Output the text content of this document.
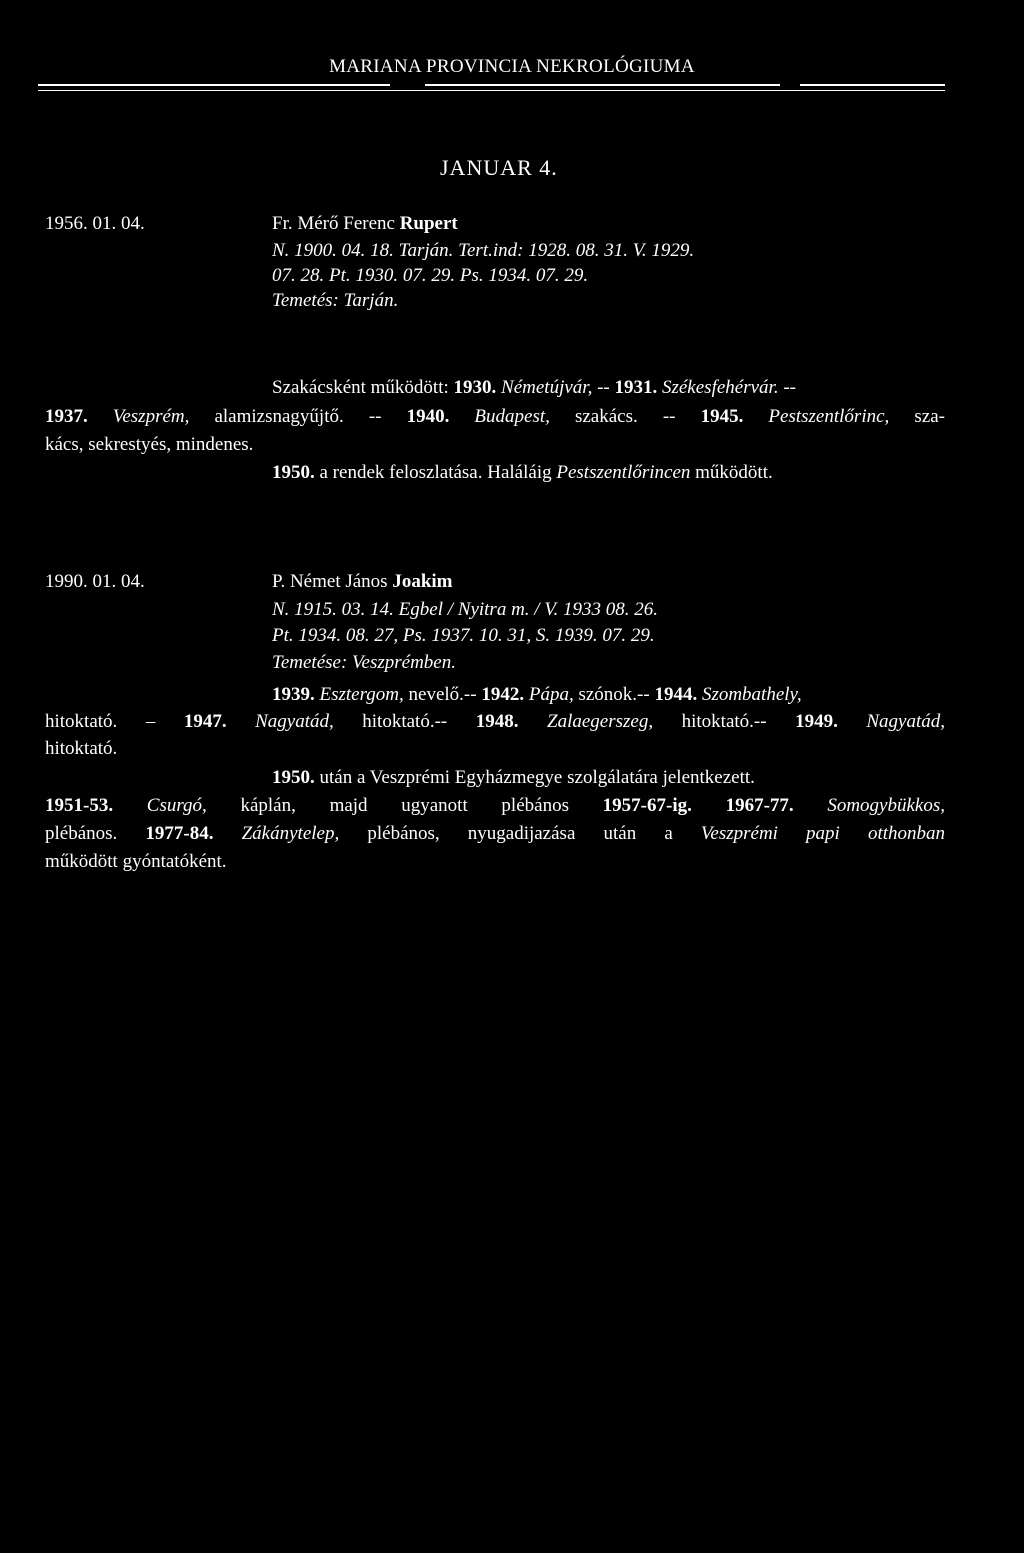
MARIANA PROVINCIA NEKROLÓGIUMA
JANUAR 4.
1956. 01. 04.	Fr. Mérő Ferenc Rupert
N. 1900. 04. 18. Tarján. Tert.ind: 1928. 08. 31. V. 1929.
07. 28. Pt. 1930. 07. 29. Ps. 1934. 07. 29.
Temetés: Tarján.
Szakácsként működött: 1930. Németújvár, -- 1931. Székesfehérvár. --
1937. Veszprém, alamizsnagyűjtő. -- 1940. Budapest, szakács. -- 1945. Pestszentlőrinc, sza-
kács, sekrestyés, mindenes.
1950. a rendek feloszlatása. Haláláig Pestszentlőrincen működött.
1990. 01. 04.	P. Német János Joakim
N. 1915. 03. 14. Egbel / Nyitra m. / V. 1933 08. 26.
Pt. 1934. 08. 27, Ps. 1937. 10. 31, S. 1939. 07. 29.
Temetése: Veszprémben.
1939. Esztergom, nevelő.-- 1942. Pápa, szónok.-- 1944. Szombathely,
hitoktató. – 1947. Nagyatád, hitoktató.-- 1948. Zalaegerszeg, hitoktató.-- 1949. Nagyatád,
hitoktató.
1950. után a Veszprémi Egyházmegye szolgálatára jelentkezett.
1951-53. Csurgó, káplán, majd ugyanott plébános 1957-67-ig. 1967-77. Somogybükkos,
plébános. 1977-84. Zákánytelep, plébános, nyugadijazása után a Veszprémi papi otthonban
működött gyóntatóként.
